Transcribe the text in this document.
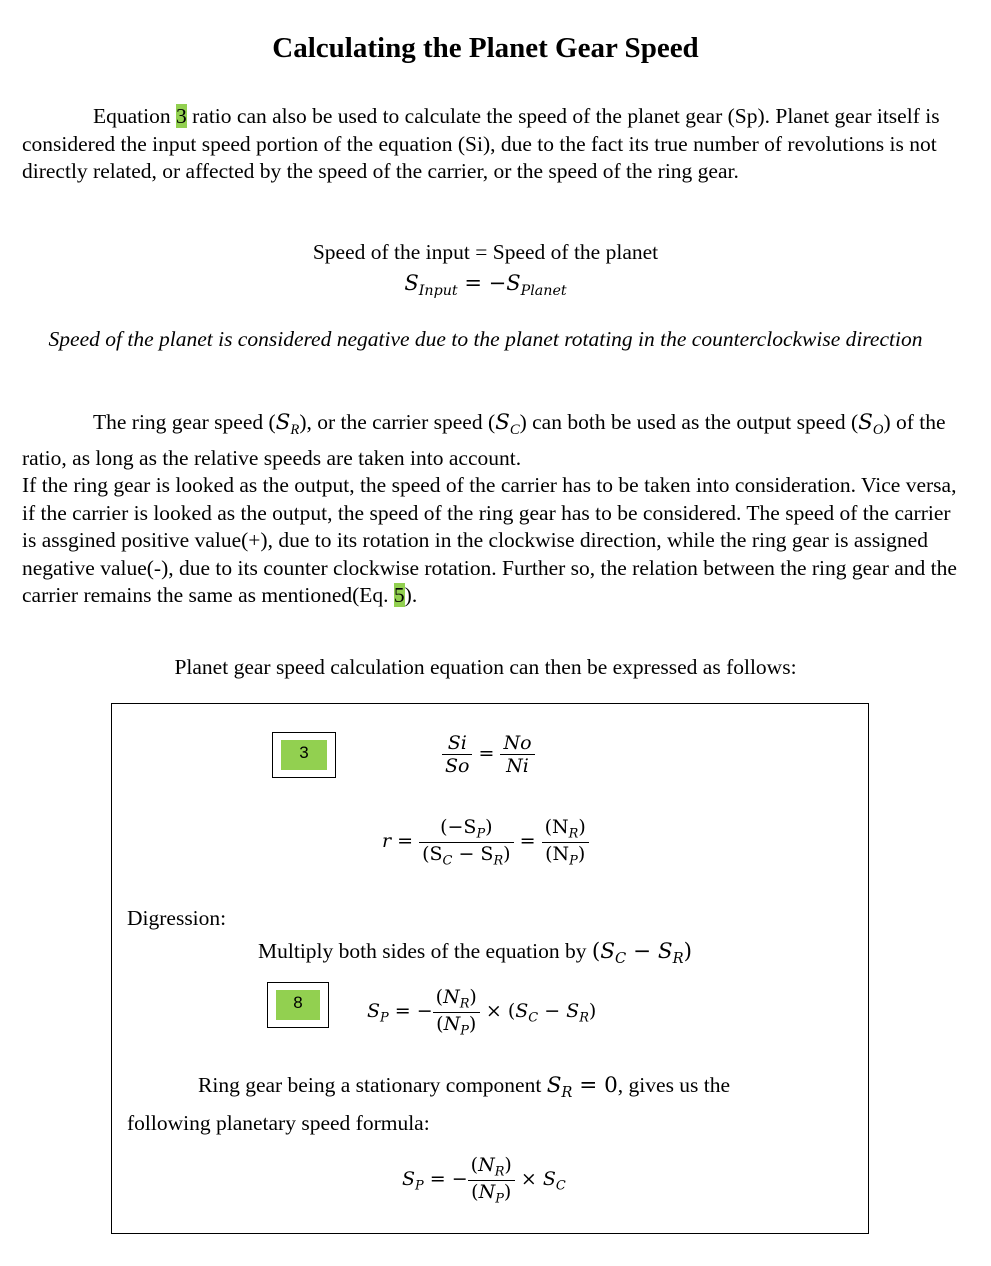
Calculating the Planet Gear Speed
Equation 3 ratio can also be used to calculate the speed of the planet gear (Sp). Planet gear itself is considered the input speed portion of the equation (Si), due to the fact its true number of revolutions is not directly related, or affected by the speed of the carrier, or the speed of the ring gear.
Speed of the input = Speed of the planet
$S_{Input} = -S_{Planet}$
Speed of the planet is considered negative due to the planet rotating in the counterclockwise direction
The ring gear speed $(S_R)$, or the carrier speed $(S_C)$ can both be used as the output speed $(S_O)$ of the ratio, as long as the relative speeds are taken into account.
If the ring gear is looked as the output, the speed of the carrier has to be taken into consideration. Vice versa, if the carrier is looked as the output, the speed of the ring gear has to be considered. The speed of the carrier is assgined positive value(+), due to its rotation in the clockwise direction, while the ring gear is assigned negative value(-), due to its counter clockwise rotation. Further so, the relation between the ring gear and the carrier remains the same as mentioned(Eq. 5).
Planet gear speed calculation equation can then be expressed as follows:
3	$\frac{Si}{So} = \frac{No}{Ni}$
$r = \frac{(-S_P)}{(S_C - S_R)} = \frac{(N_R)}{(N_P)}$
Digression:
Multiply both sides of the equation by $(S_C - S_R)$
8	$S_P$ = − $\frac{(N_R)}{(N_P)} \times (S_C - S_R)$
Ring gear being a stationary component $S_R = 0$, gives us the
following planetary speed formula:
$S_P$ = − $\frac{(N_R)}{(N_P)} \times S_C$
